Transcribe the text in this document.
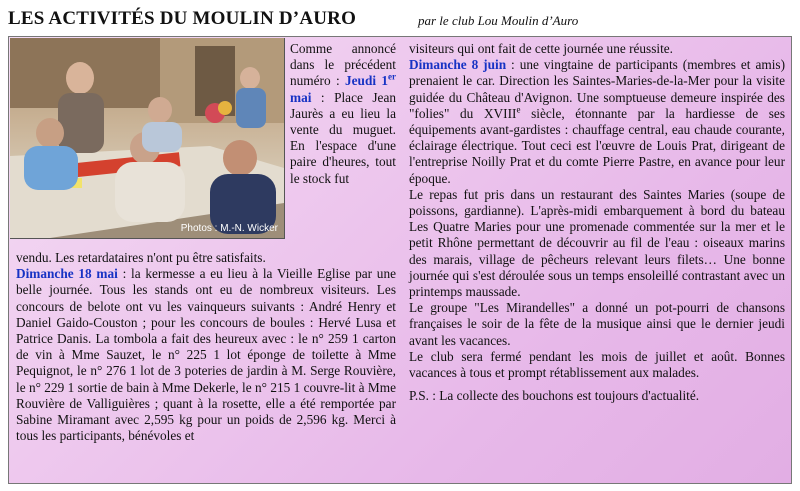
LES ACTIVITÉS DU MOULIN D’AURO	par le club Lou Moulin d’Auro
Photos : M.-N. Wicker

Comme annoncé dans le précédent numéro : Jeudi 1er mai : Place Jean Jaurès a eu lieu la vente du muguet. En l'espace d'une paire d'heures, tout le stock fut

vendu. Les retardataires n'ont pu être satisfaits.

Dimanche 18 mai : la kermesse a eu lieu à la Vieille Eglise par une belle journée. Tous les stands ont eu de nombreux visiteurs. Les concours de belote ont vu les vainqueurs suivants : André Henry et Daniel Gaido-Couston ; pour les concours de boules : Hervé Lusa et Patrice Danis. La tombola a fait des heureux avec : le n° 259 1 carton de vin à Mme Sauzet, le n° 225 1 lot éponge de toilette à Mme Pequignot, le n° 276 1 lot de 3 poteries de jardin à M. Serge Rouvière, le n° 229 1 sortie de bain à Mme Dekerle, le n° 215 1 couvre-lit à Mme Rouvière de Valliguières ; quant à la rosette, elle a été remportée par Sabine Miramant avec 2,595 kg pour un poids de 2,596 kg. Merci à tous les participants, bénévoles et

visiteurs qui ont fait de cette journée une réussite.

Dimanche 8 juin : une vingtaine de participants (membres et amis) prenaient le car. Direction les Saintes-Maries-de-la-Mer pour la visite guidée du Château d'Avignon. Une somptueuse demeure inspirée des "folies" du XVIIIe siècle, étonnante par la hardiesse de ses équipements avant-gardistes : chauffage central, eau chaude courante, éclairage électrique. Tout ceci est l'œuvre de Louis Prat, dirigeant de l'entreprise Noilly Prat et du comte Pierre Pastre, en avance pour leur époque.

Le repas fut pris dans un restaurant des Saintes Maries (soupe de poissons, gardianne). L'après-midi embarquement à bord du bateau Les Quatre Maries pour une promenade commentée sur la mer et le petit Rhône permettant de découvrir au fil de l'eau : oiseaux marins des marais, village de pêcheurs relevant leurs filets… Une bonne journée qui s'est déroulée sous un temps ensoleillé contrastant avec un printemps maussade.

Le groupe "Les Mirandelles" a donné un pot-pourri de chansons françaises le soir de la fête de la musique ainsi que le dernier jeudi avant les vacances.

Le club sera fermé pendant les mois de juillet et août. Bonnes vacances à tous et prompt rétablissement aux malades.

P.S. : La collecte des bouchons est toujours d'actualité.
